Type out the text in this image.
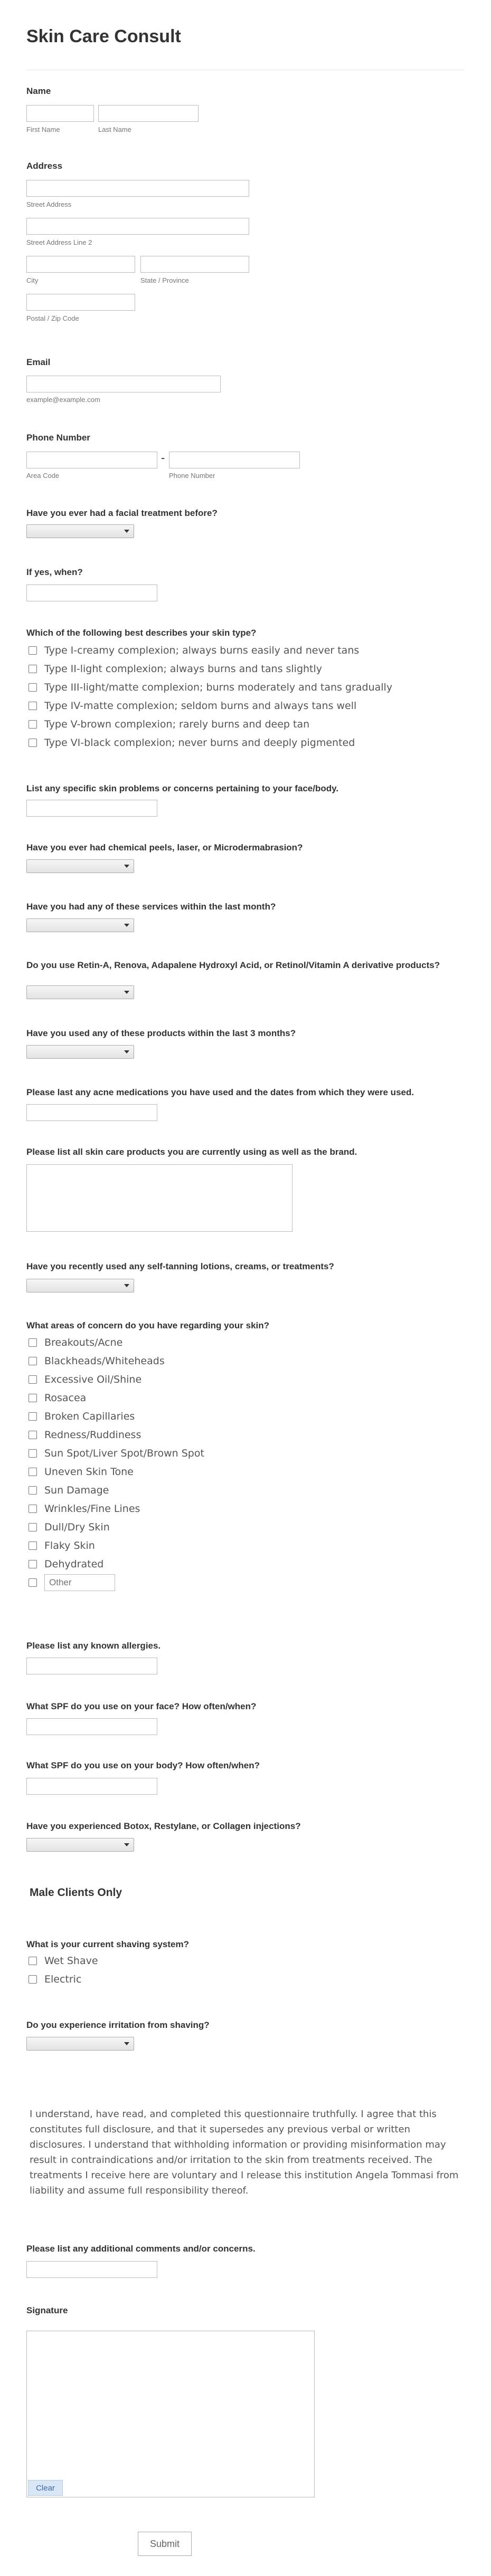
Skin Care Consult

Name

First Name	Last Name

Address

Street Address
Street Address Line 2
City	State / Province
Postal / Zip Code

Email

example@example.com

Phone Number

-
Area Code	Phone Number

Have you ever had a facial treatment before?

If yes, when?

Which of the following best describes your skin type?

Type I-creamy complexion; always burns easily and never tans
Type II-light complexion; always burns and tans slightly
Type III-light/matte complexion; burns moderately and tans gradually
Type IV-matte complexion; seldom burns and always tans well
Type V-brown complexion; rarely burns and deep tan
Type VI-black complexion; never burns and deeply pigmented

List any specific skin problems or concerns pertaining to your face/body.

Have you ever had chemical peels, laser, or Microdermabrasion?

Have you had any of these services within the last month?

Do you use Retin-A, Renova, Adapalene Hydroxyl Acid, or Retinol/Vitamin A derivative products?

Have you used any of these products within the last 3 months?

Please last any acne medications you have used and the dates from which they were used.

Please list all skin care products you are currently using as well as the brand.

Have you recently used any self-tanning lotions, creams, or treatments?

What areas of concern do you have regarding your skin?

Breakouts/Acne
Blackheads/Whiteheads
Excessive Oil/Shine
Rosacea
Broken Capillaries
Redness/Ruddiness
Sun Spot/Liver Spot/Brown Spot
Uneven Skin Tone
Sun Damage
Wrinkles/Fine Lines
Dull/Dry Skin
Flaky Skin
Dehydrated
Other

Please list any known allergies.

What SPF do you use on your face? How often/when?

What SPF do you use on your body? How often/when?

Have you experienced Botox, Restylane, or Collagen injections?

Male Clients Only

What is your current shaving system?

Wet Shave
Electric

Do you experience irritation from shaving?

I understand, have read, and completed this questionnaire truthfully. I agree that this constitutes full disclosure, and that it supersedes any previous verbal or written disclosures. I understand that withholding information or providing misinformation may result in contraindications and/or irritation to the skin from treatments received. The treatments I receive here are voluntary and I release this institution Angela Tommasi from liability and assume full responsibility thereof.

Please list any additional comments and/or concerns.

Signature

Clear
Submit
